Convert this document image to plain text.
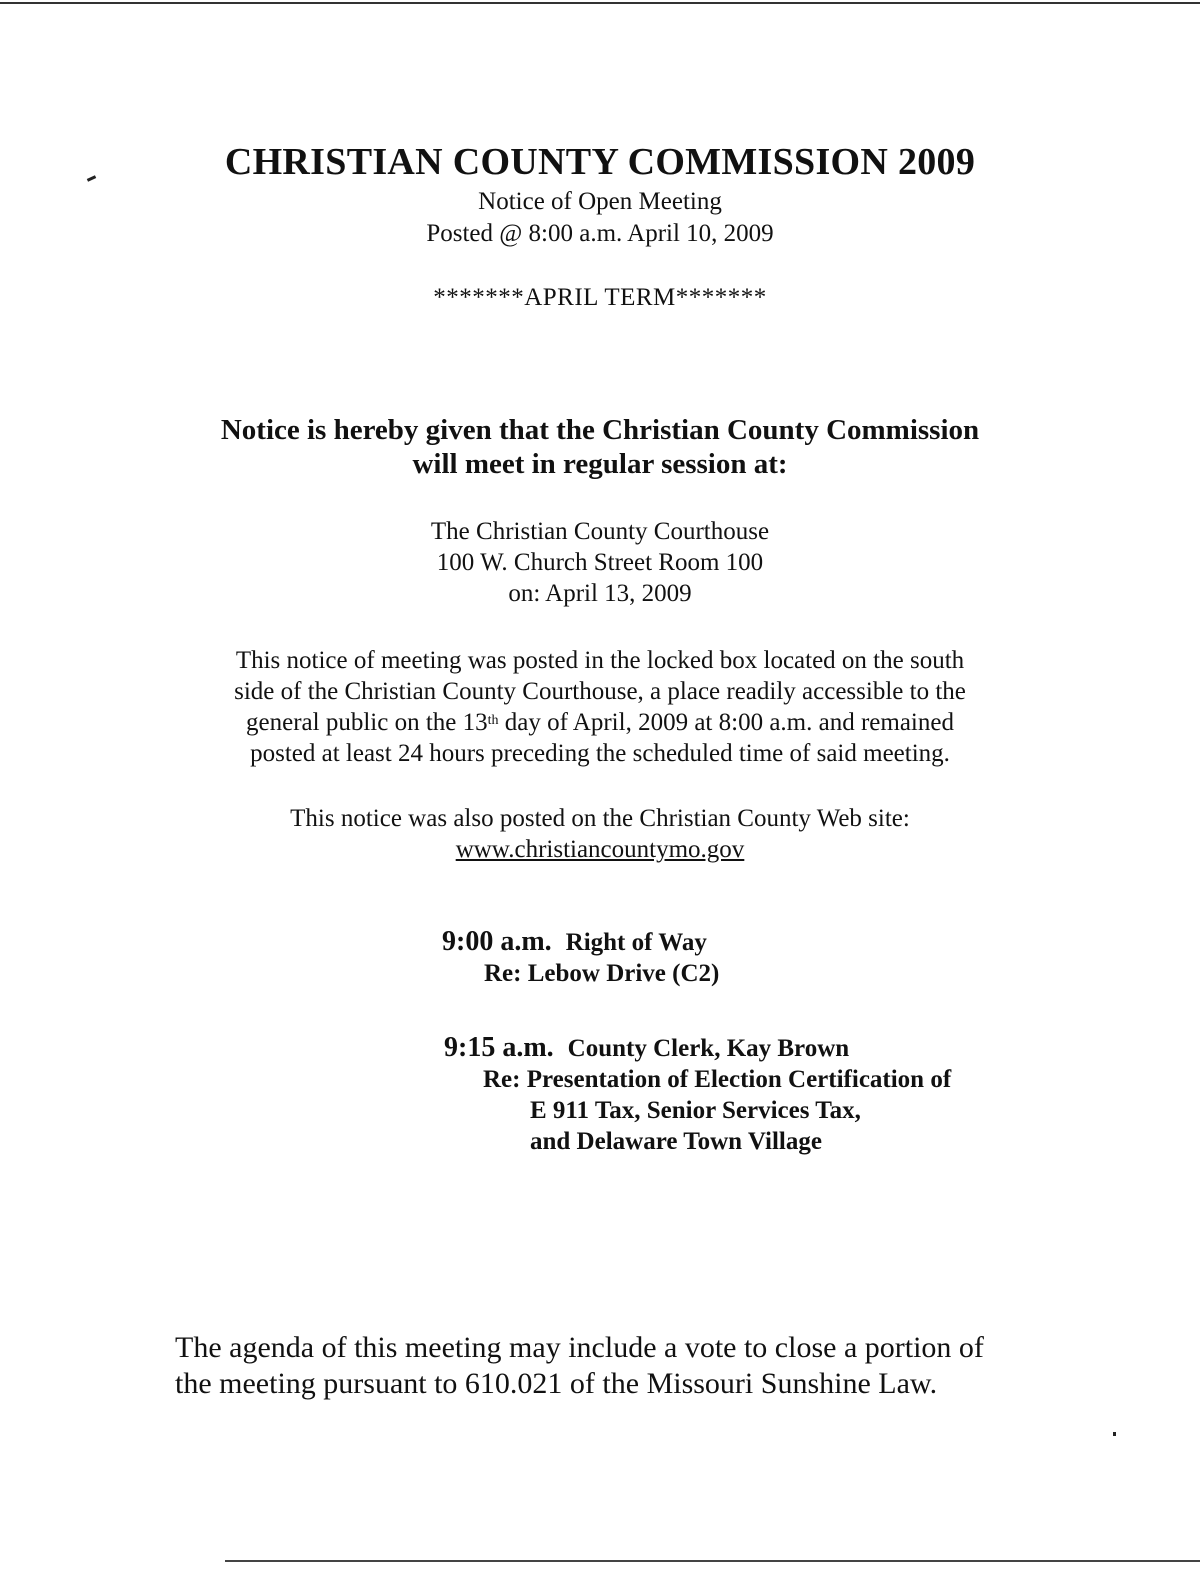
CHRISTIAN COUNTY COMMISSION 2009
Notice of Open Meeting
Posted @ 8:00 a.m. April 10, 2009
*******APRIL TERM*******
Notice is hereby given that the Christian County Commission
will meet in regular session at:
The Christian County Courthouse
100 W. Church Street Room 100
on: April 13, 2009
This notice of meeting was posted in the locked box located on the south
side of the Christian County Courthouse, a place readily accessible to the
general public on the 13th day of April, 2009 at 8:00 a.m. and remained
posted at least 24 hours preceding the scheduled time of said meeting.
This notice was also posted on the Christian County Web site:
www.christiancountymo.gov
9:00 a.m. Right of Way
Re: Lebow Drive (C2)
9:15 a.m. County Clerk, Kay Brown
Re: Presentation of Election Certification of
E 911 Tax, Senior Services Tax,
and Delaware Town Village
The agenda of this meeting may include a vote to close a portion of
the meeting pursuant to 610.021 of the Missouri Sunshine Law.
